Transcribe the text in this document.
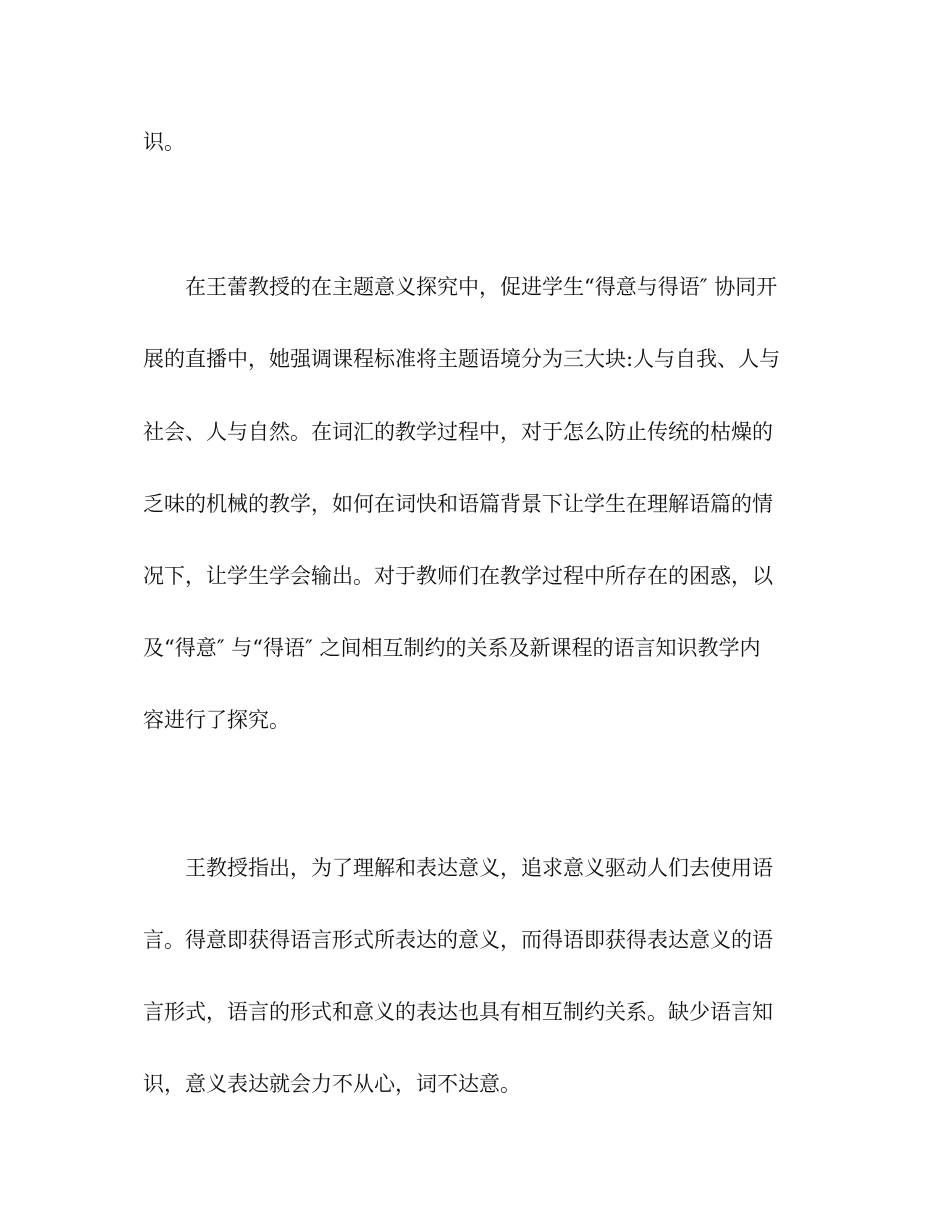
识。

在王蕾教授的在主题意义探究中，促进学生“得意与得语″ 协同开

展的直播中，她强调课程标准将主题语境分为三大块:人与自我、人与

社会、人与自然。在词汇的教学过程中，对于怎么防止传统的枯燥的

乏味的机械的教学，如何在词快和语篇背景下让学生在理解语篇的情

况下，让学生学会输出。对于教师们在教学过程中所存在的困惑，以

及“得意″ 与“得语″ 之间相互制约的关系及新课程的语言知识教学内

容进行了探究。

王教授指出，为了理解和表达意义，追求意义驱动人们去使用语

言。得意即获得语言形式所表达的意义，而得语即获得表达意义的语

言形式，语言的形式和意义的表达也具有相互制约关系。缺少语言知

识，意义表达就会力不从心，词不达意。
